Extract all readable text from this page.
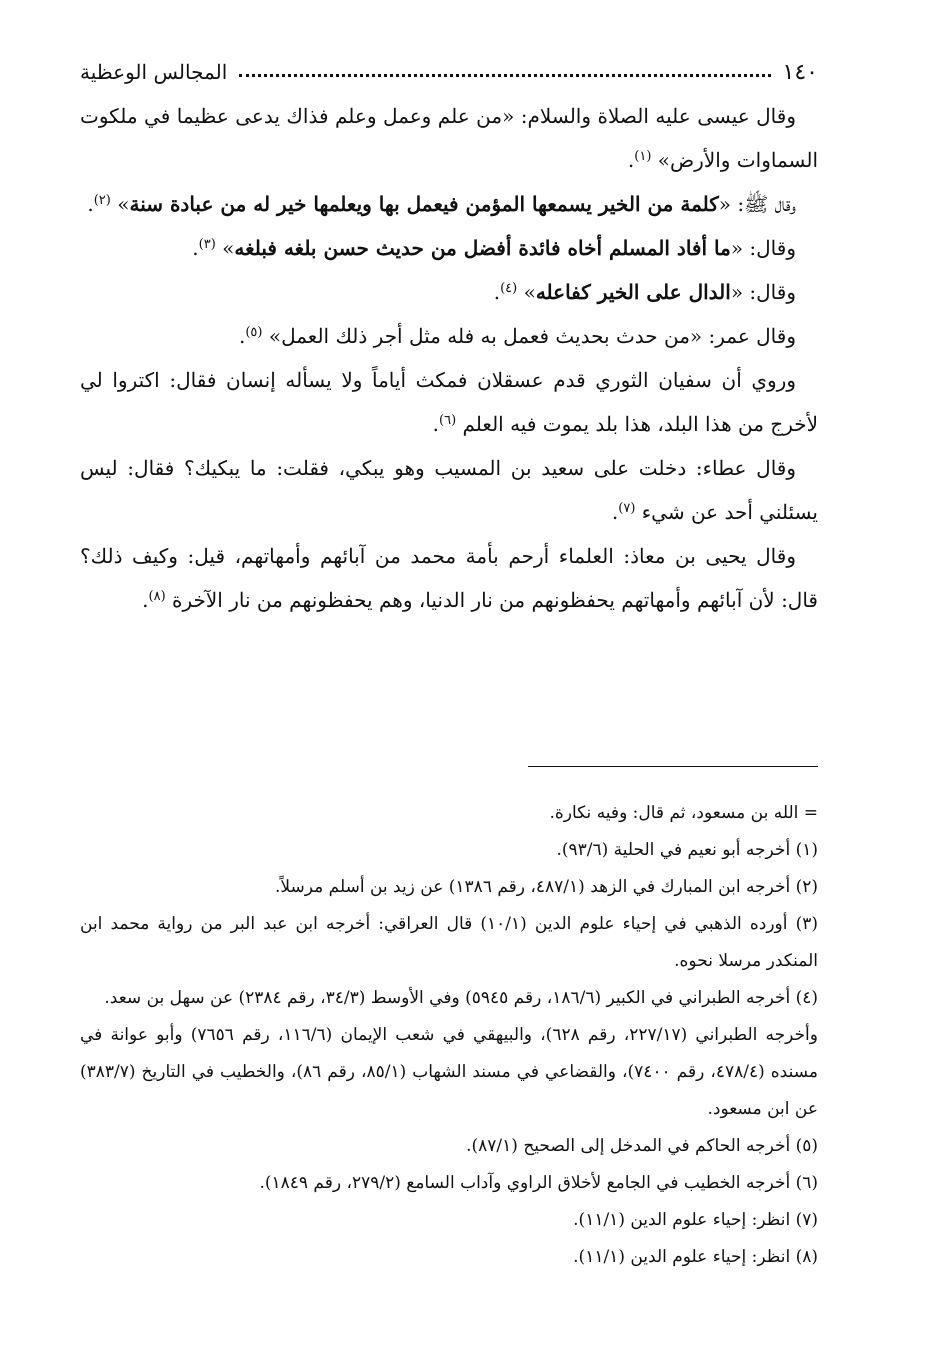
١٤٠
المجالس الوعظية

وقال عيسى عليه الصلاة والسلام: «من علم وعمل وعلم فذاك يدعى عظيما في ملكوت السماوات والأرض» $^{(١)}$.

وقال ﷺ: «كلمة من الخير يسمعها المؤمن فيعمل بها ويعلمها خير له من عبادة سنة» $^{(٢)}$.

وقال: «ما أفاد المسلم أخاه فائدة أفضل من حديث حسن بلغه فبلغه» $^{(٣)}$.

وقال: «الدال على الخير كفاعله» $^{(٤)}$.

وقال عمر: «من حدث بحديث فعمل به فله مثل أجر ذلك العمل» $^{(٥)}$.

وروي أن سفيان الثوري قدم عسقلان فمكث أياماً ولا يسأله إنسان فقال: اكتروا لي لأخرج من هذا البلد، هذا بلد يموت فيه العلم $^{(٦)}$.

وقال عطاء: دخلت على سعيد بن المسيب وهو يبكي، فقلت: ما يبكيك؟ فقال: ليس يسئلني أحد عن شيء $^{(٧)}$.

وقال يحيى بن معاذ: العلماء أرحم بأمة محمد من آبائهم وأمهاتهم، قيل: وكيف ذلك؟ قال: لأن آبائهم وأمهاتهم يحفظونهم من نار الدنيا، وهم يحفظونهم من نار الآخرة $^{(٨)}$.

= الله بن مسعود، ثم قال: وفيه نكارة.

(١) أخرجه أبو نعيم في الحلية (٩٣/٦).

(٢) أخرجه ابن المبارك في الزهد (٤٨٧/١، رقم ١٣٨٦) عن زيد بن أسلم مرسلاً.

(٣) أورده الذهبي في إحياء علوم الدين (١٠/١) قال العراقي: أخرجه ابن عبد البر من رواية محمد ابن المنكدر مرسلا نحوه.

(٤) أخرجه الطبراني في الكبير (١٨٦/٦، رقم ٥٩٤٥) وفي الأوسط (٣٤/٣، رقم ٢٣٨٤) عن سهل بن سعد.

وأخرجه الطبراني (٢٢٧/١٧، رقم ٦٢٨)، والبيهقي في شعب الإيمان (١١٦/٦، رقم ٧٦٥٦) وأبو عوانة في مسنده (٤٧٨/٤، رقم ٧٤٠٠)، والقضاعي في مسند الشهاب (٨٥/١، رقم ٨٦)، والخطيب في التاريخ (٣٨٣/٧) عن ابن مسعود.

(٥) أخرجه الحاكم في المدخل إلى الصحيح (٨٧/١).

(٦) أخرجه الخطيب في الجامع لأخلاق الراوي وآداب السامع (٢٧٩/٢، رقم ١٨٤٩).

(٧) انظر: إحياء علوم الدين (١١/١).

(٨) انظر: إحياء علوم الدين (١١/١).
